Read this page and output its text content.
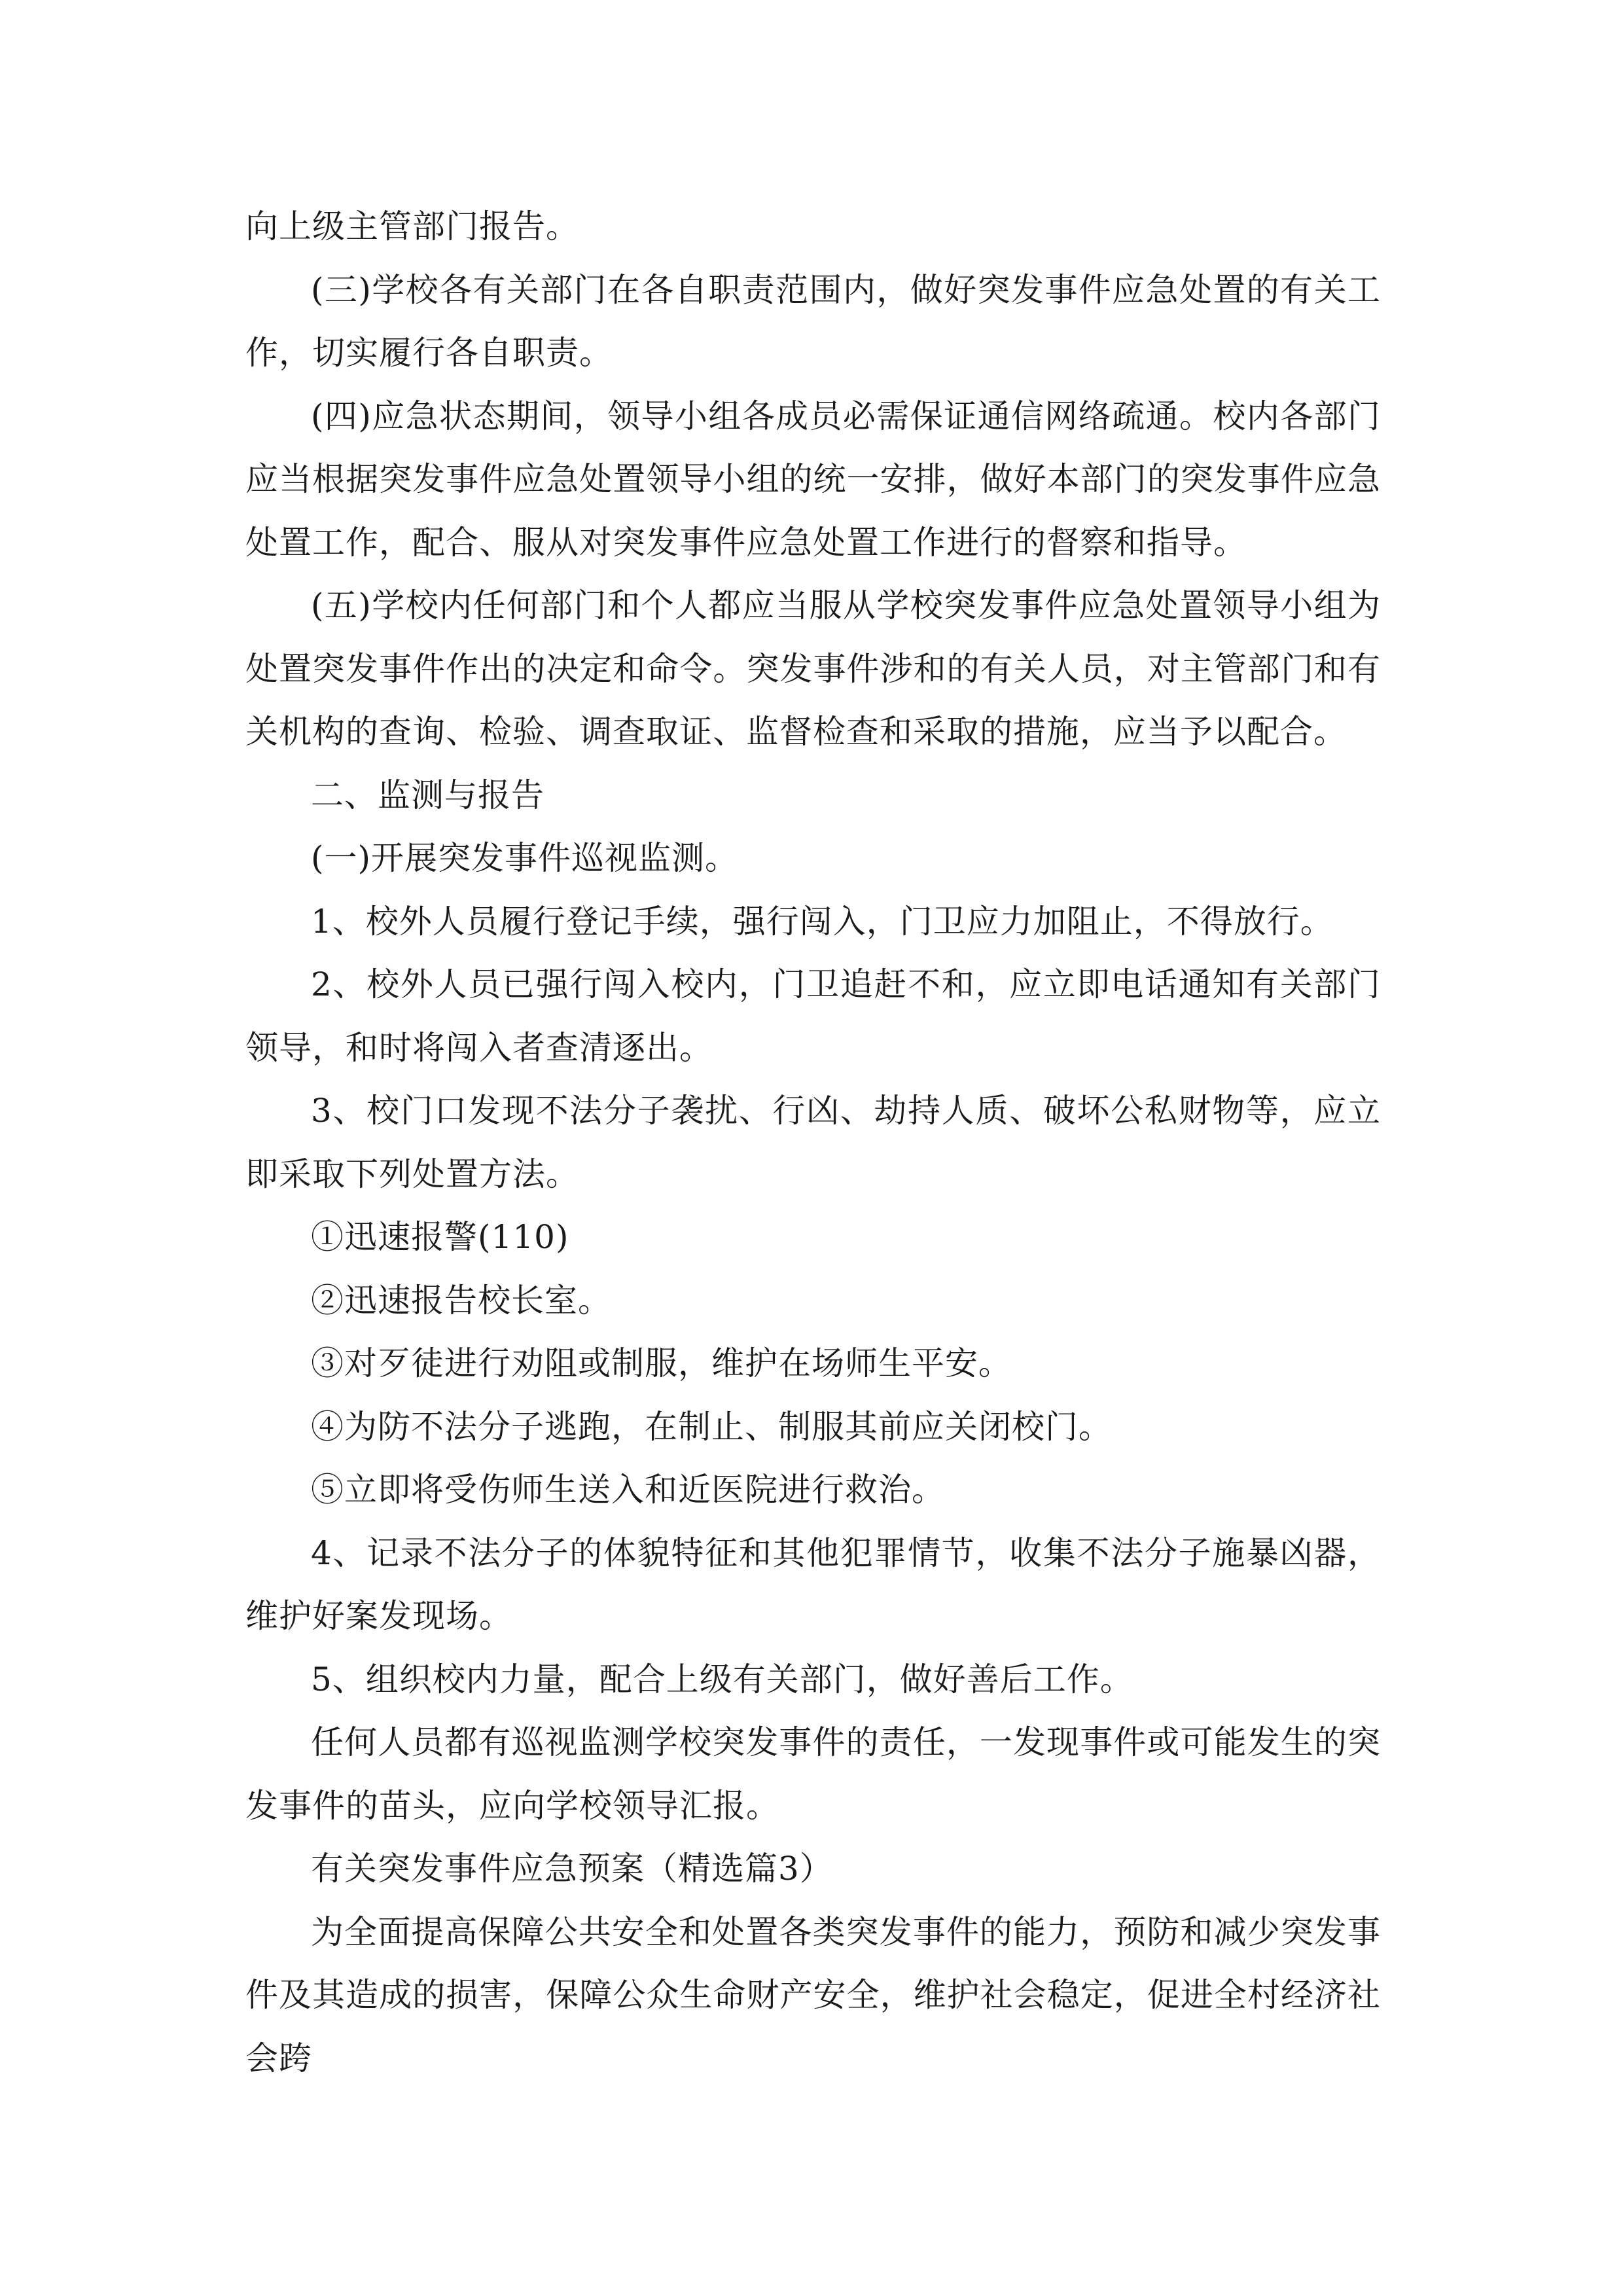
向上级主管部门报告。

(三)学校各有关部门在各自职责范围内，做好突发事件应急处置的有关工作，切实履行各自职责。

(四)应急状态期间，领导小组各成员必需保证通信网络疏通。校内各部门应当根据突发事件应急处置领导小组的统一安排，做好本部门的突发事件应急处置工作，配合、服从对突发事件应急处置工作进行的督察和指导。

(五)学校内任何部门和个人都应当服从学校突发事件应急处置领导小组为处置突发事件作出的决定和命令。突发事件涉和的有关人员，对主管部门和有关机构的查询、检验、调查取证、监督检查和采取的措施，应当予以配合。

二、监测与报告

(一)开展突发事件巡视监测。

1、校外人员履行登记手续，强行闯入，门卫应力加阻止，不得放行。

2、校外人员已强行闯入校内，门卫追赶不和，应立即电话通知有关部门领导，和时将闯入者查清逐出。

3、校门口发现不法分子袭扰、行凶、劫持人质、破坏公私财物等，应立即采取下列处置方法。

①迅速报警(110)

②迅速报告校长室。

③对歹徒进行劝阻或制服，维护在场师生平安。

④为防不法分子逃跑，在制止、制服其前应关闭校门。

⑤立即将受伤师生送入和近医院进行救治。

4、记录不法分子的体貌特征和其他犯罪情节，收集不法分子施暴凶器，维护好案发现场。

5、组织校内力量，配合上级有关部门，做好善后工作。

任何人员都有巡视监测学校突发事件的责任，一发现事件或可能发生的突发事件的苗头，应向学校领导汇报。

有关突发事件应急预案（精选篇3）

为全面提高保障公共安全和处置各类突发事件的能力，预防和减少突发事件及其造成的损害，保障公众生命财产安全，维护社会稳定，促进全村经济社会跨
